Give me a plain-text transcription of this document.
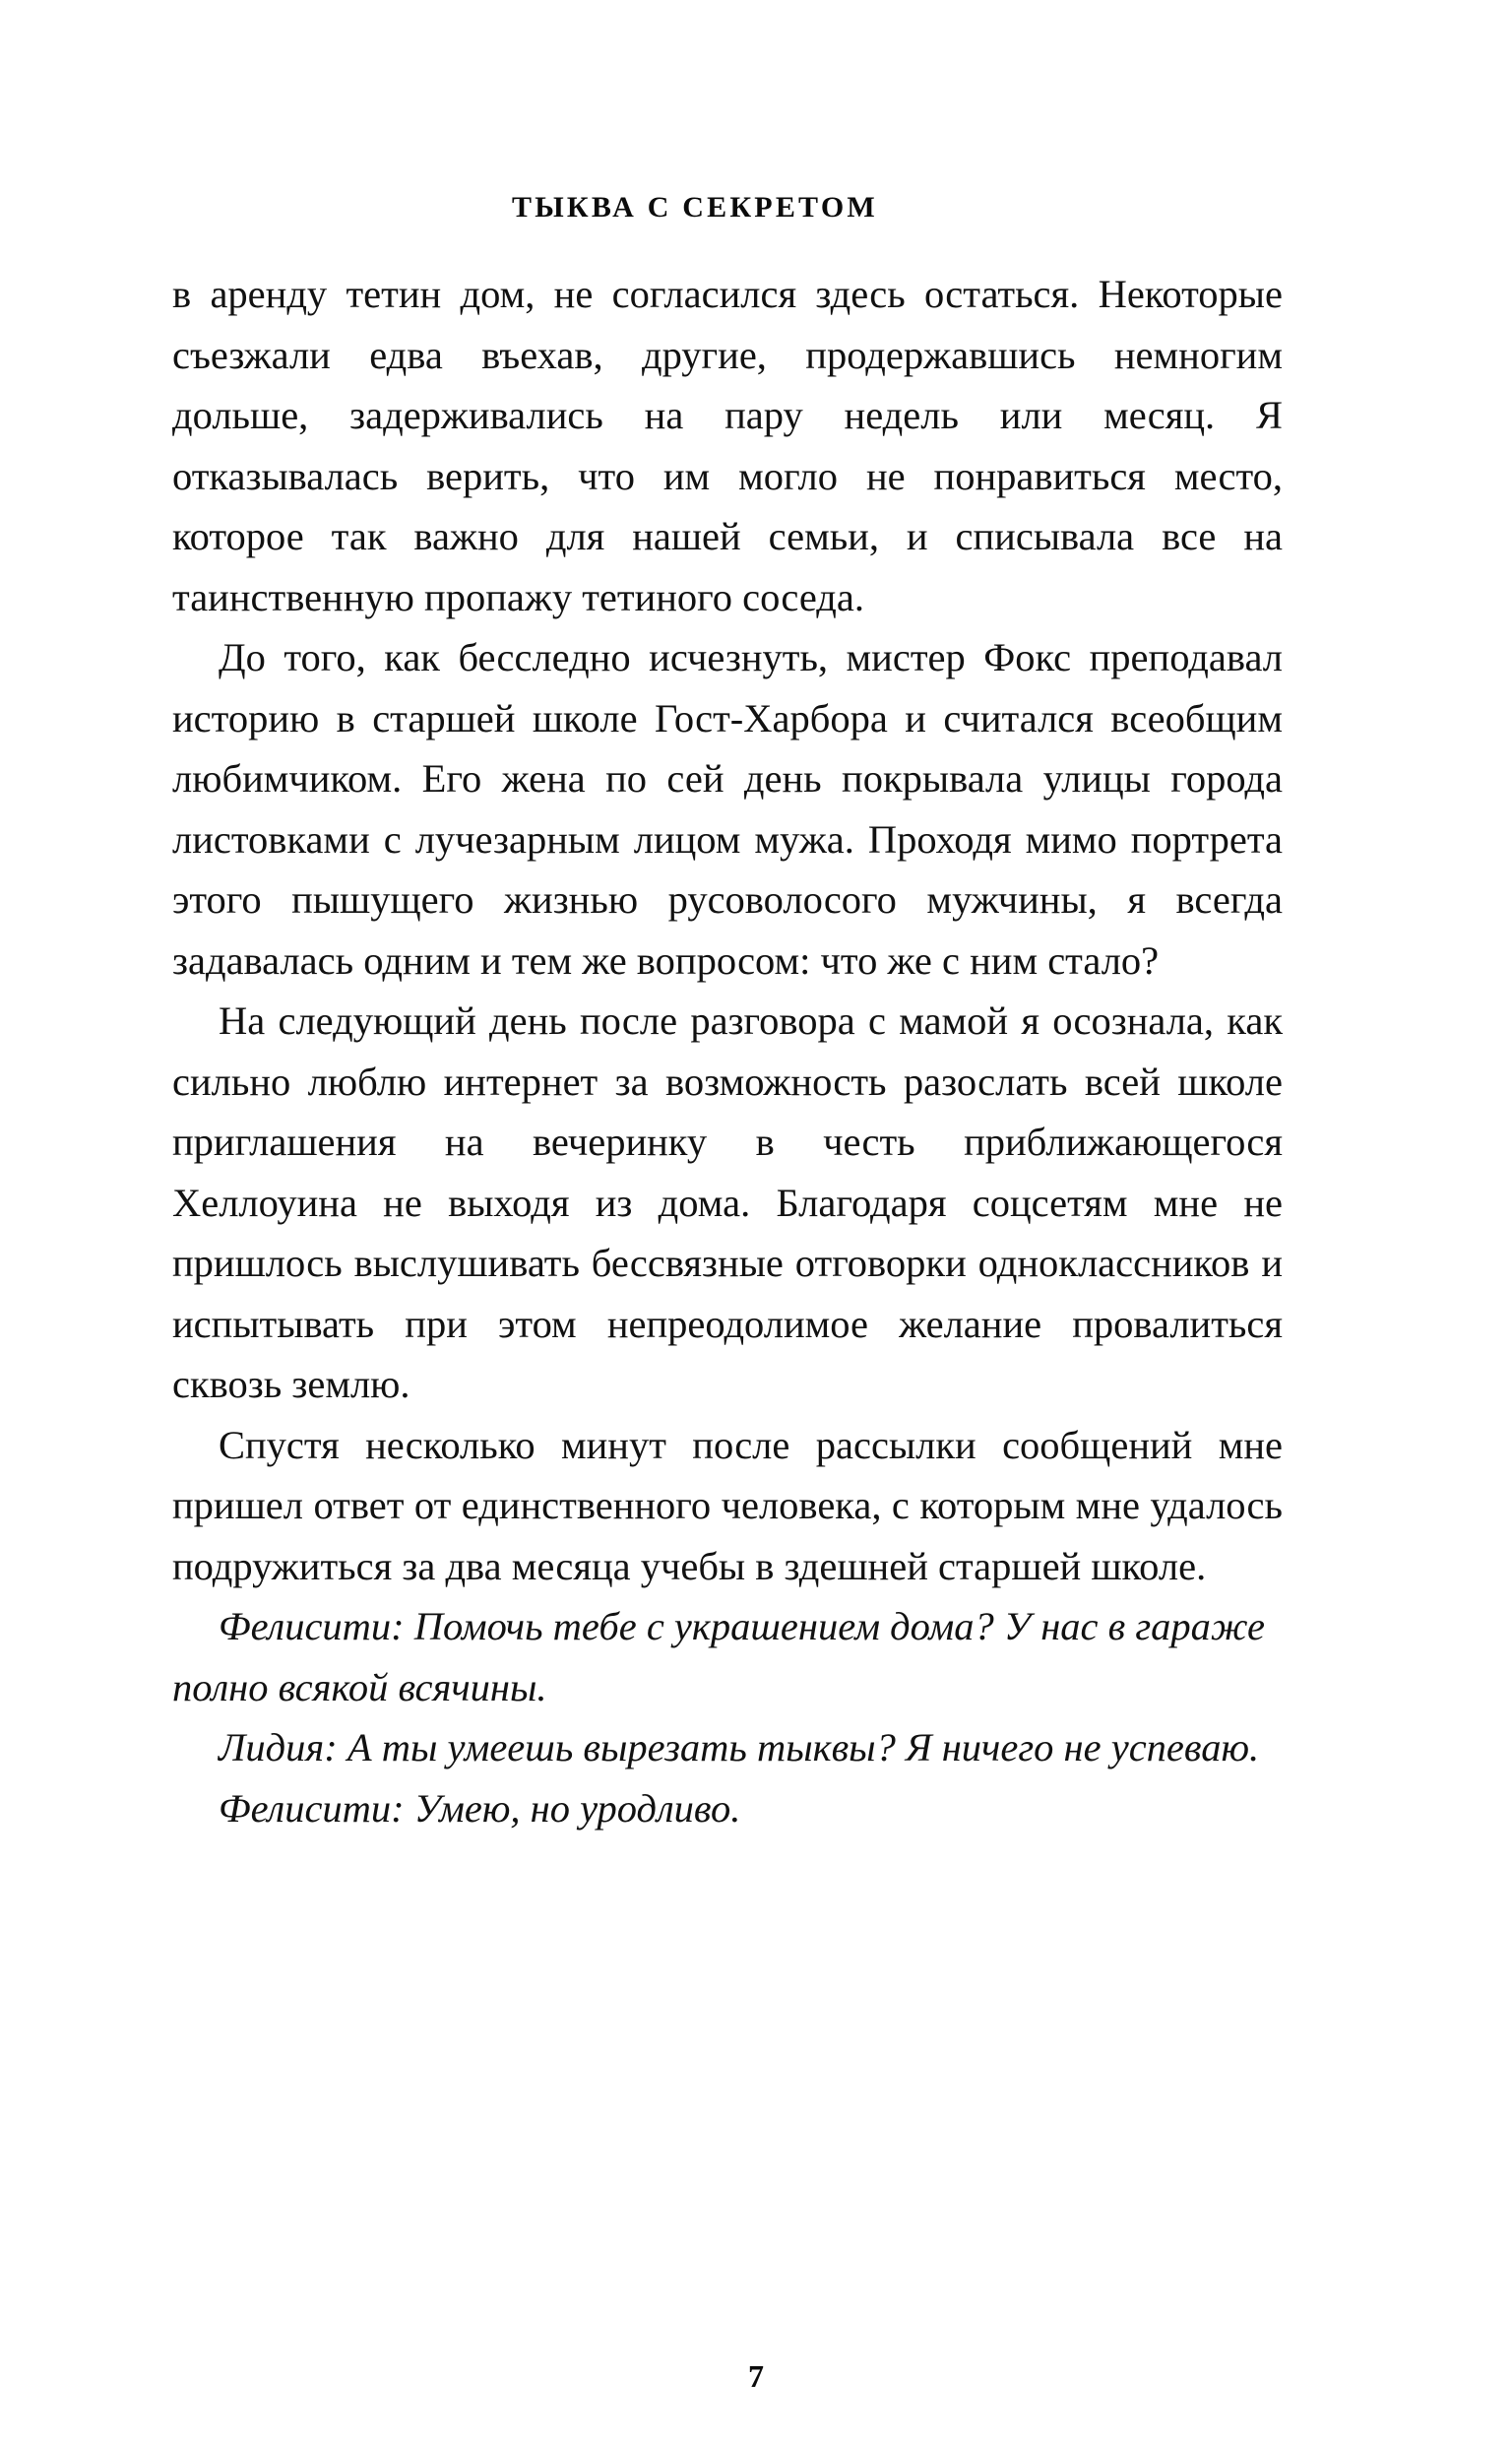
ТЫКВА С СЕКРЕТОМ

в аренду тетин дом, не согласился здесь остаться. Некоторые съезжали едва въехав, другие, продержавшись немногим дольше, задерживались на пару недель или месяц. Я отказывалась верить, что им могло не понравиться место, которое так важно для нашей семьи, и списывала все на таинственную пропажу тетиного соседа.

До того, как бесследно исчезнуть, мистер Фокс преподавал историю в старшей школе Гост-Харбора и считался всеобщим любимчиком. Его жена по сей день покрывала улицы города листовками с лучезарным лицом мужа. Проходя мимо портрета этого пышущего жизнью русоволосого мужчины, я всегда задавалась одним и тем же вопросом: что же с ним стало?

На следующий день после разговора с мамой я осознала, как сильно люблю интернет за возможность разослать всей школе приглашения на вечеринку в честь приближающегося Хеллоуина не выходя из дома. Благодаря соцсетям мне не пришлось выслушивать бессвязные отговорки одноклассников и испытывать при этом непреодолимое желание провалиться сквозь землю.

Спустя несколько минут после рассылки сообщений мне пришел ответ от единственного человека, с которым мне удалось подружиться за два месяца учебы в здешней старшей школе.

Фелисити: Помочь тебе с украшением дома? У нас в гараже полно всякой всячины.

Лидия: А ты умеешь вырезать тыквы? Я ничего не успеваю.

Фелисити: Умею, но уродливо.

7
